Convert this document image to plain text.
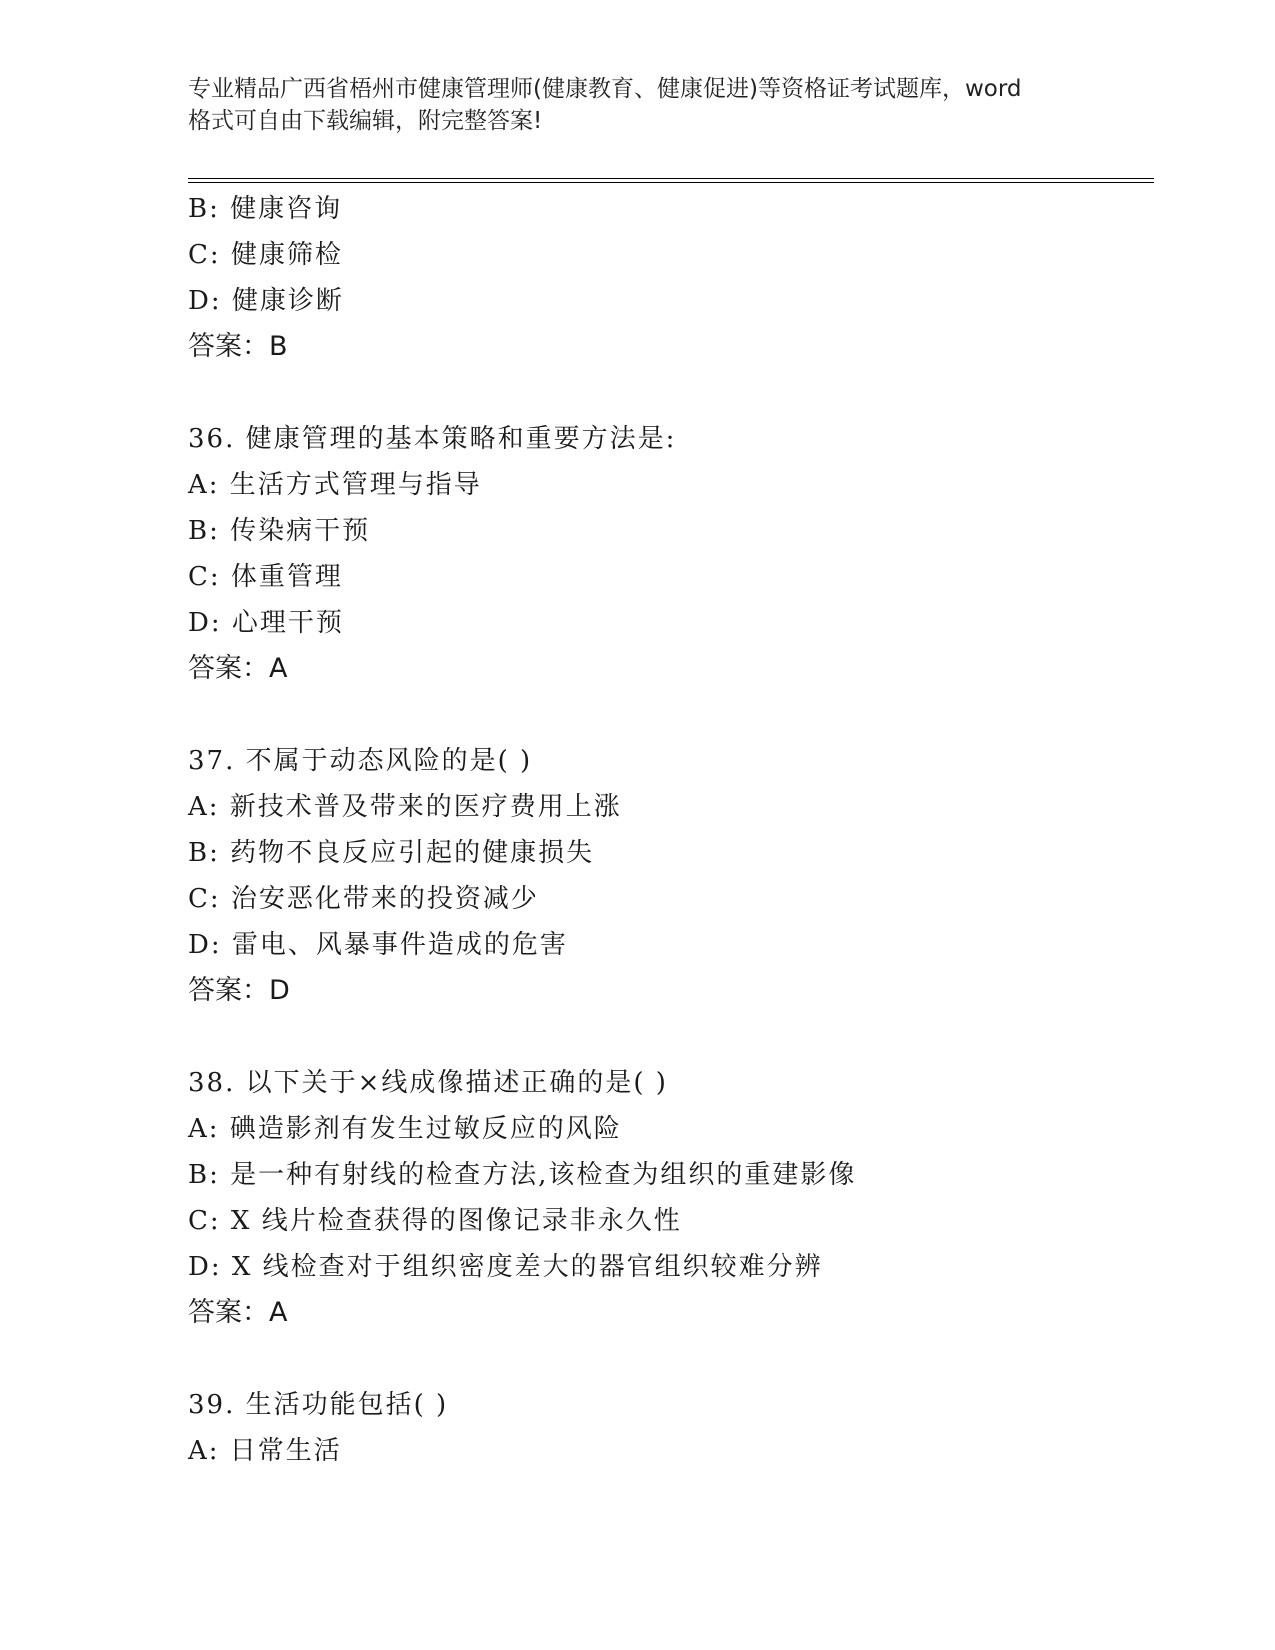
专业精品广西省梧州市健康管理师(健康教育、健康促进)等资格证考试题库，word
格式可自由下载编辑，附完整答案!
B: 健康咨询
C: 健康筛检
D: 健康诊断
答案：B
36. 健康管理的基本策略和重要方法是:
A: 生活方式管理与指导
B: 传染病干预
C: 体重管理
D: 心理干预
答案：A
37. 不属于动态风险的是( )
A: 新技术普及带来的医疗费用上涨
B: 药物不良反应引起的健康损失
C: 治安恶化带来的投资减少
D: 雷电、风暴事件造成的危害
答案：D
38. 以下关于×线成像描述正确的是( )
A: 碘造影剂有发生过敏反应的风险
B: 是一种有射线的检查方法,该检查为组织的重建影像
C: X 线片检查获得的图像记录非永久性
D: X 线检查对于组织密度差大的器官组织较难分辨
答案：A
39. 生活功能包括( )
A: 日常生活
